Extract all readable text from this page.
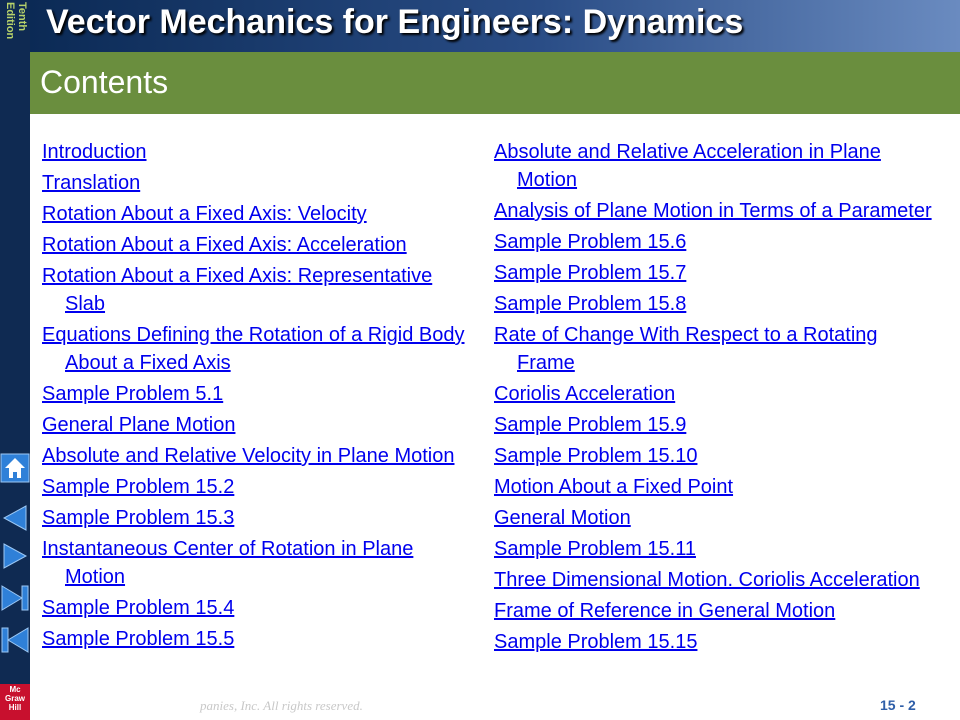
Tenth
Edition
Mc
Graw
Hill
Vector Mechanics for Engineers: Dynamics
Contents
Introduction
Translation
Rotation About a Fixed Axis: Velocity
Rotation About a Fixed Axis: Acceleration
Rotation About a Fixed Axis: Representative Slab
Equations Defining the Rotation of a Rigid Body About a Fixed Axis
Sample Problem 5.1
General Plane Motion
Absolute and Relative Velocity in Plane Motion
Sample Problem 15.2
Sample Problem 15.3
Instantaneous Center of Rotation in Plane Motion
Sample Problem 15.4
Sample Problem 15.5
Absolute and Relative Acceleration in Plane Motion
Analysis of Plane Motion in Terms of a Parameter
Sample Problem 15.6
Sample Problem 15.7
Sample Problem 15.8
Rate of Change With Respect to a Rotating Frame
Coriolis Acceleration
Sample Problem 15.9
Sample Problem 15.10
Motion About a Fixed Point
General Motion
Sample Problem 15.11
Three Dimensional Motion. Coriolis Acceleration
Frame of Reference in General Motion
Sample Problem 15.15
panies, Inc. All rights reserved.	15 - 2
